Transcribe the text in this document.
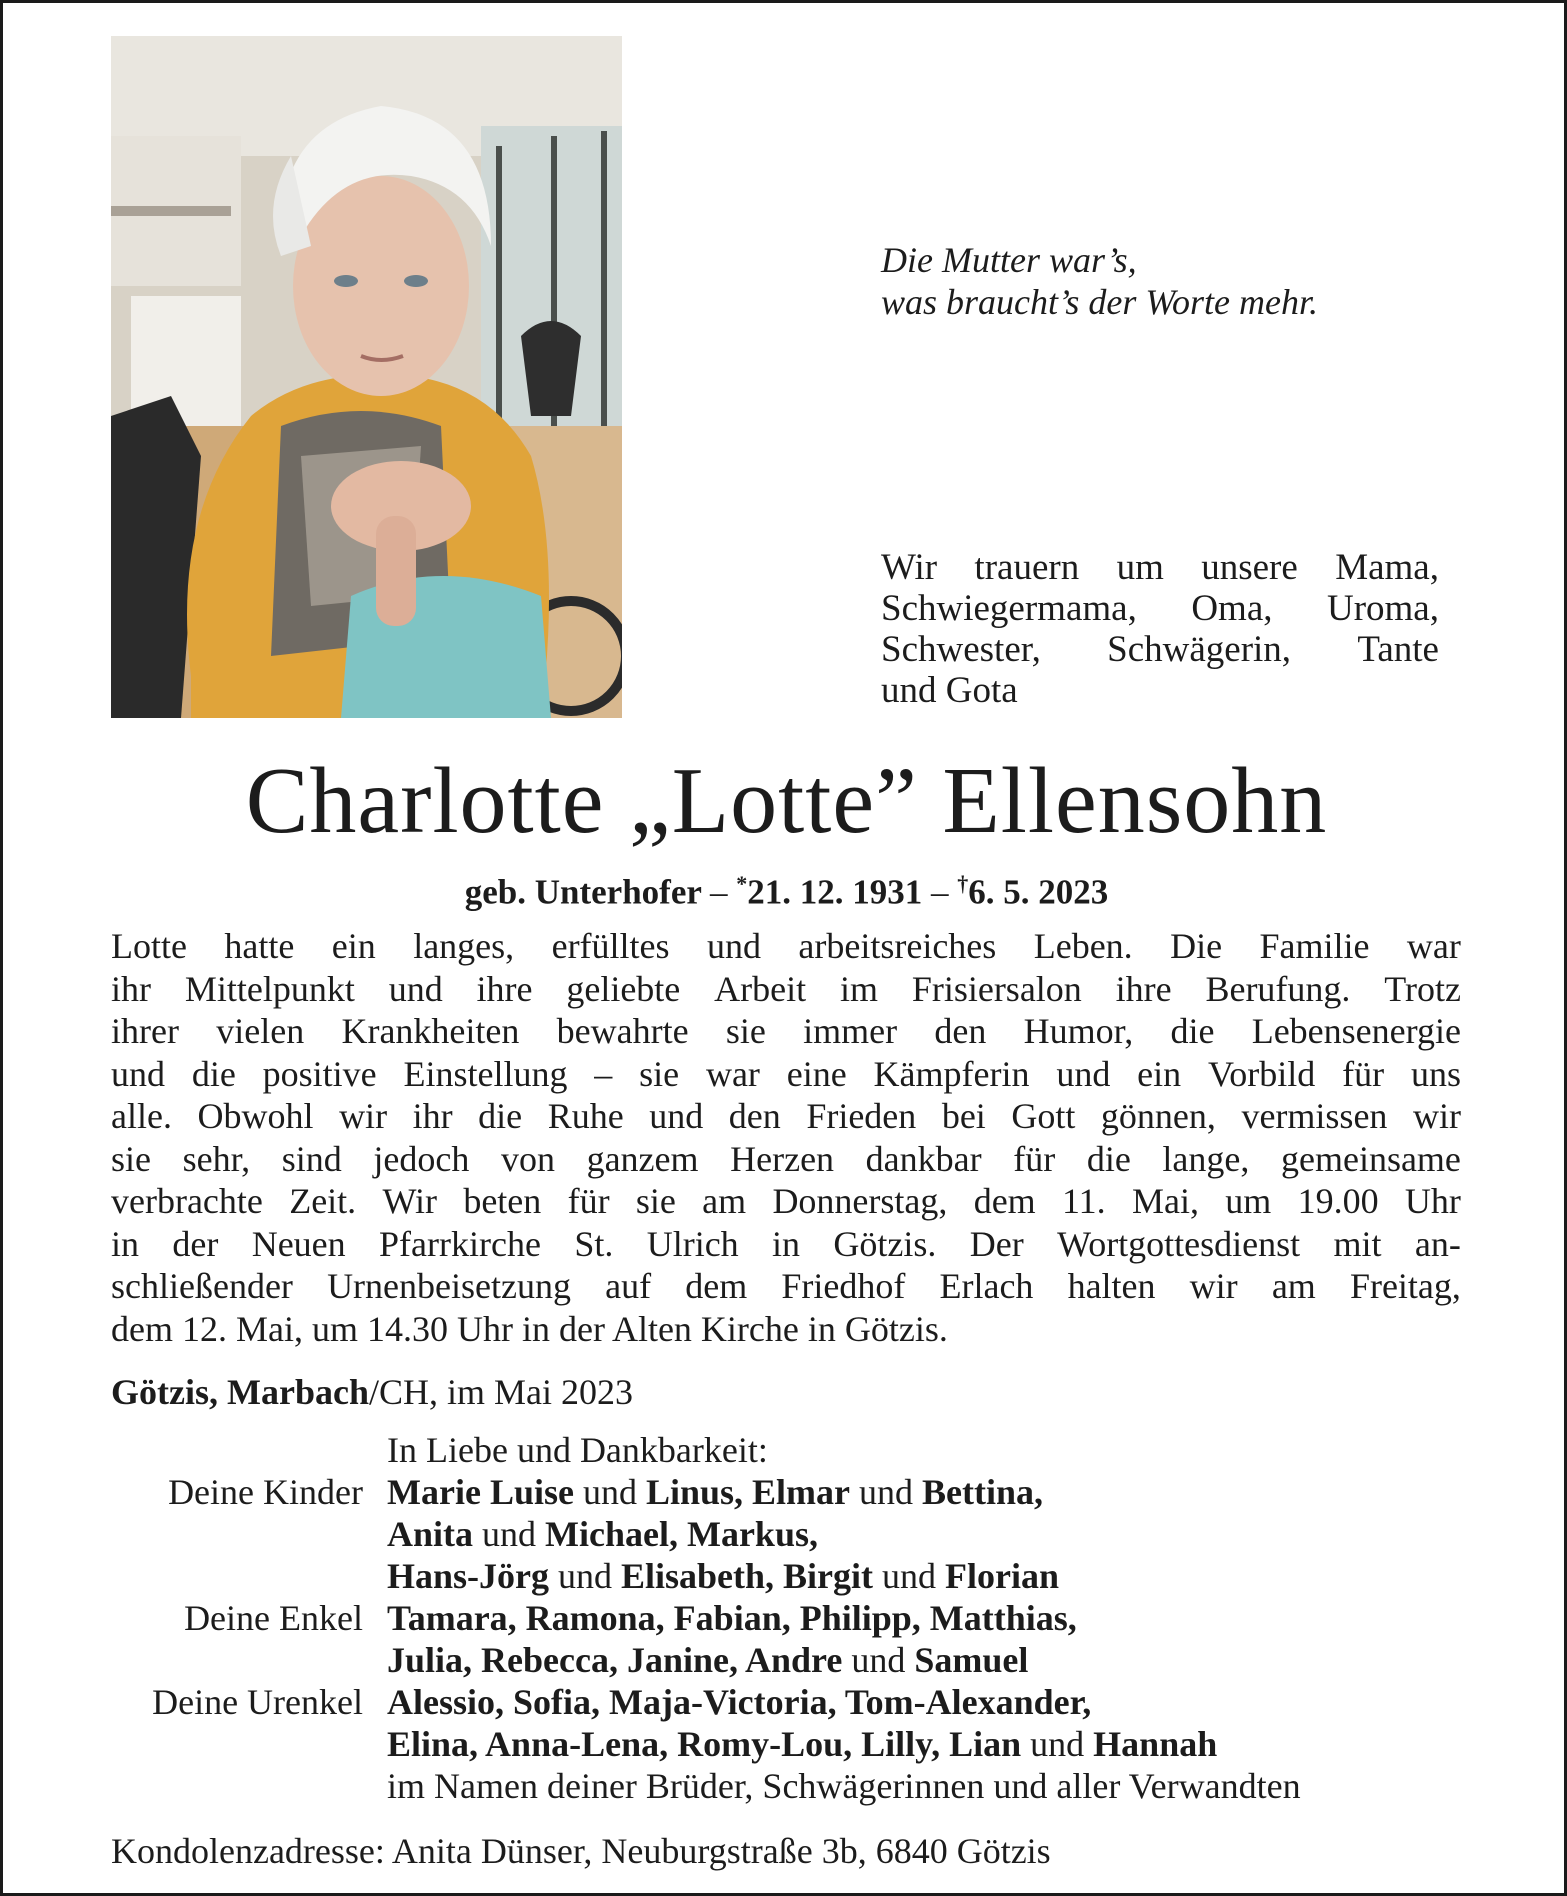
Die Mutter war’s,
was braucht’s der Worte mehr.
Wir trauern um unsere Mama,
Schwiegermama, Oma, Uroma,
Schwester, Schwägerin, Tante
und Gota
Charlotte „Lotte” Ellensohn
geb. Unterhofer – *21. 12. 1931 – †6. 5. 2023
Lotte hatte ein langes, erfülltes und arbeitsreiches Leben. Die Familie war
ihr Mittelpunkt und ihre geliebte Arbeit im Frisiersalon ihre Berufung. Trotz
ihrer vielen Krankheiten bewahrte sie immer den Humor, die Lebensenergie
und die positive Einstellung – sie war eine Kämpferin und ein Vorbild für uns
alle. Obwohl wir ihr die Ruhe und den Frieden bei Gott gönnen, vermissen wir
sie sehr, sind jedoch von ganzem Herzen dankbar für die lange, gemeinsame
verbrachte Zeit. Wir beten für sie am Donnerstag, dem 11. Mai, um 19.00 Uhr
in der Neuen Pfarrkirche St. Ulrich in Götzis. Der Wortgottesdienst mit an-
schließender Urnenbeisetzung auf dem Friedhof Erlach halten wir am Freitag,
dem 12. Mai, um 14.30 Uhr in der Alten Kirche in Götzis.
Götzis, Marbach/CH, im Mai 2023
In Liebe und Dankbarkeit:
Deine Kinder Marie Luise und Linus, Elmar und Bettina,
Anita und Michael, Markus,
Hans-Jörg und Elisabeth, Birgit und Florian
Deine Enkel Tamara, Ramona, Fabian, Philipp, Matthias,
Julia, Rebecca, Janine, Andre und Samuel
Deine Urenkel Alessio, Sofia, Maja-Victoria, Tom-Alexander,
Elina, Anna-Lena, Romy-Lou, Lilly, Lian und Hannah
im Namen deiner Brüder, Schwägerinnen und aller Verwandten
Kondolenzadresse: Anita Dünser, Neuburgstraße 3b, 6840 Götzis
